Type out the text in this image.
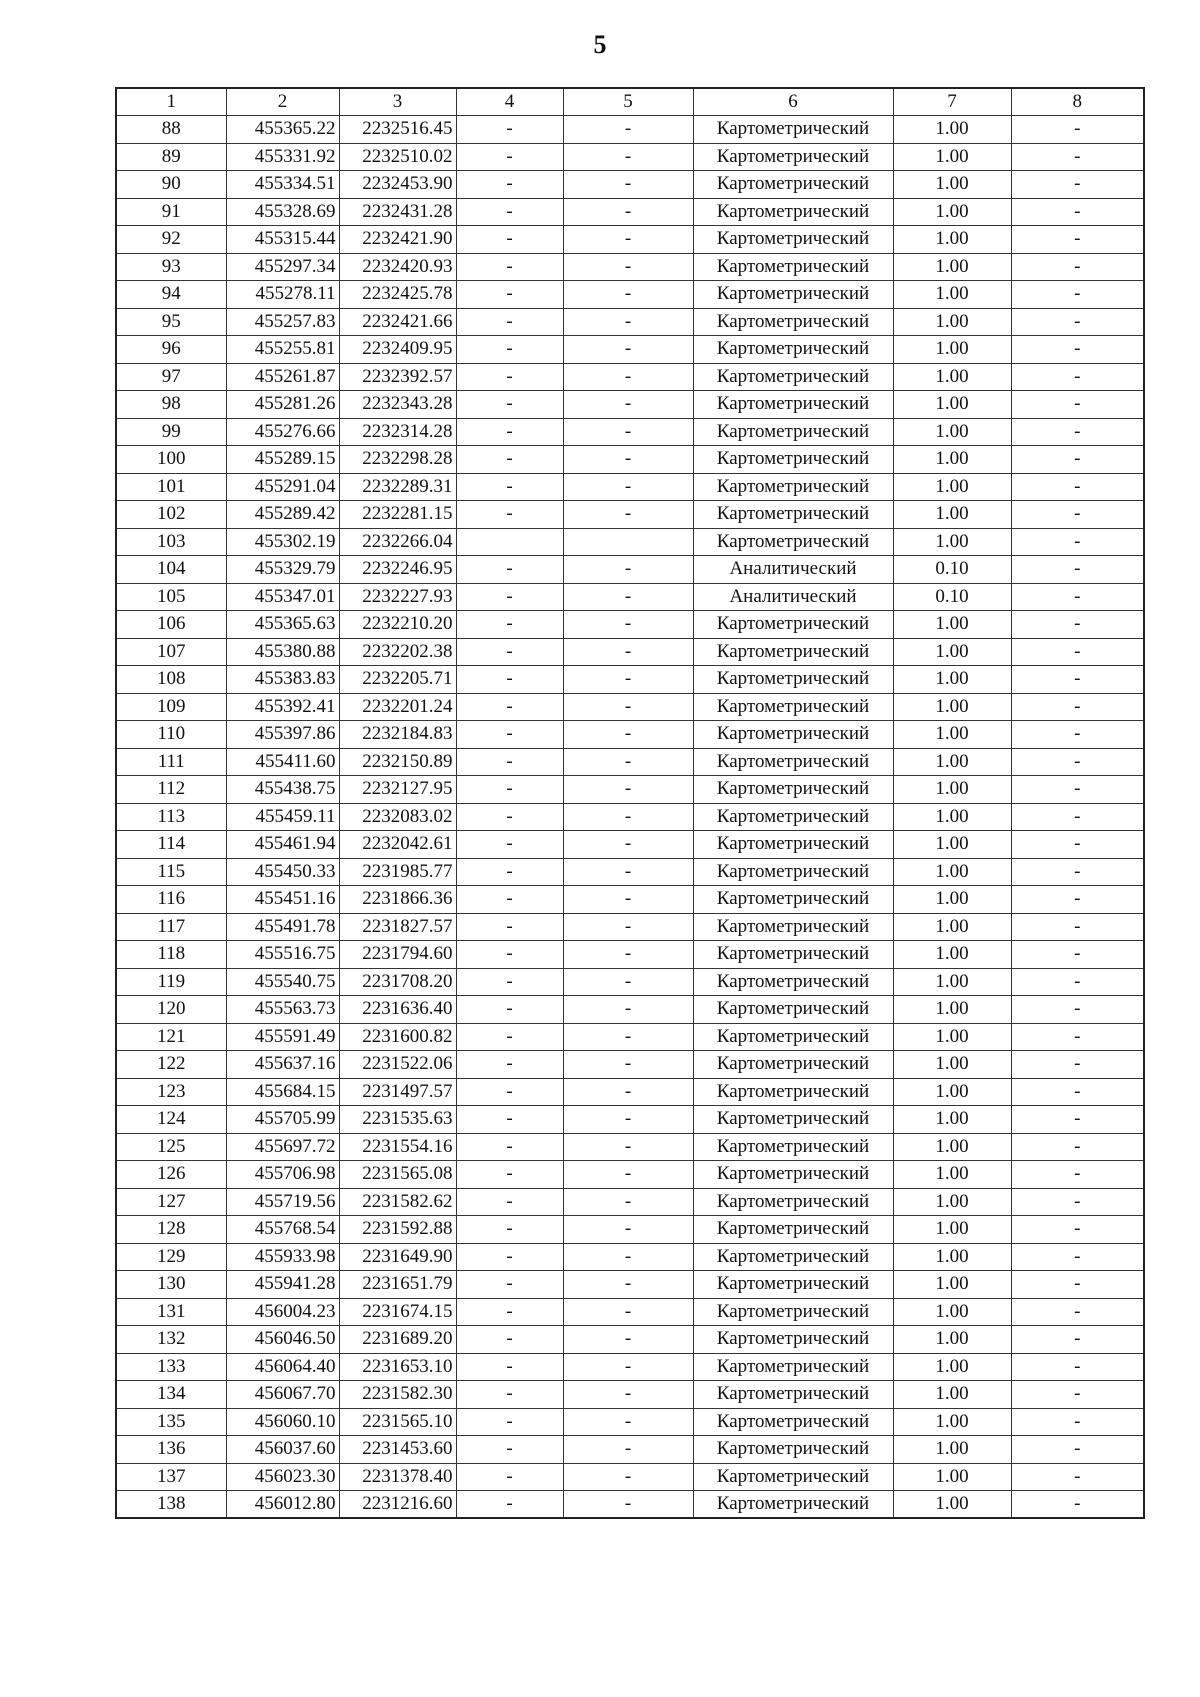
5
1	2	3	4	5	6	7	8
88	455365.22	2232516.45	-	-	Картометрический	1.00	-
89	455331.92	2232510.02	-	-	Картометрический	1.00	-
90	455334.51	2232453.90	-	-	Картометрический	1.00	-
91	455328.69	2232431.28	-	-	Картометрический	1.00	-
92	455315.44	2232421.90	-	-	Картометрический	1.00	-
93	455297.34	2232420.93	-	-	Картометрический	1.00	-
94	455278.11	2232425.78	-	-	Картометрический	1.00	-
95	455257.83	2232421.66	-	-	Картометрический	1.00	-
96	455255.81	2232409.95	-	-	Картометрический	1.00	-
97	455261.87	2232392.57	-	-	Картометрический	1.00	-
98	455281.26	2232343.28	-	-	Картометрический	1.00	-
99	455276.66	2232314.28	-	-	Картометрический	1.00	-
100	455289.15	2232298.28	-	-	Картометрический	1.00	-
101	455291.04	2232289.31	-	-	Картометрический	1.00	-
102	455289.42	2232281.15	-	-	Картометрический	1.00	-
103	455302.19	2232266.04			Картометрический	1.00	-
104	455329.79	2232246.95	-	-	Аналитический	0.10	-
105	455347.01	2232227.93	-	-	Аналитический	0.10	-
106	455365.63	2232210.20	-	-	Картометрический	1.00	-
107	455380.88	2232202.38	-	-	Картометрический	1.00	-
108	455383.83	2232205.71	-	-	Картометрический	1.00	-
109	455392.41	2232201.24	-	-	Картометрический	1.00	-
110	455397.86	2232184.83	-	-	Картометрический	1.00	-
111	455411.60	2232150.89	-	-	Картометрический	1.00	-
112	455438.75	2232127.95	-	-	Картометрический	1.00	-
113	455459.11	2232083.02	-	-	Картометрический	1.00	-
114	455461.94	2232042.61	-	-	Картометрический	1.00	-
115	455450.33	2231985.77	-	-	Картометрический	1.00	-
116	455451.16	2231866.36	-	-	Картометрический	1.00	-
117	455491.78	2231827.57	-	-	Картометрический	1.00	-
118	455516.75	2231794.60	-	-	Картометрический	1.00	-
119	455540.75	2231708.20	-	-	Картометрический	1.00	-
120	455563.73	2231636.40	-	-	Картометрический	1.00	-
121	455591.49	2231600.82	-	-	Картометрический	1.00	-
122	455637.16	2231522.06	-	-	Картометрический	1.00	-
123	455684.15	2231497.57	-	-	Картометрический	1.00	-
124	455705.99	2231535.63	-	-	Картометрический	1.00	-
125	455697.72	2231554.16	-	-	Картометрический	1.00	-
126	455706.98	2231565.08	-	-	Картометрический	1.00	-
127	455719.56	2231582.62	-	-	Картометрический	1.00	-
128	455768.54	2231592.88	-	-	Картометрический	1.00	-
129	455933.98	2231649.90	-	-	Картометрический	1.00	-
130	455941.28	2231651.79	-	-	Картометрический	1.00	-
131	456004.23	2231674.15	-	-	Картометрический	1.00	-
132	456046.50	2231689.20	-	-	Картометрический	1.00	-
133	456064.40	2231653.10	-	-	Картометрический	1.00	-
134	456067.70	2231582.30	-	-	Картометрический	1.00	-
135	456060.10	2231565.10	-	-	Картометрический	1.00	-
136	456037.60	2231453.60	-	-	Картометрический	1.00	-
137	456023.30	2231378.40	-	-	Картометрический	1.00	-
138	456012.80	2231216.60	-	-	Картометрический	1.00	-
